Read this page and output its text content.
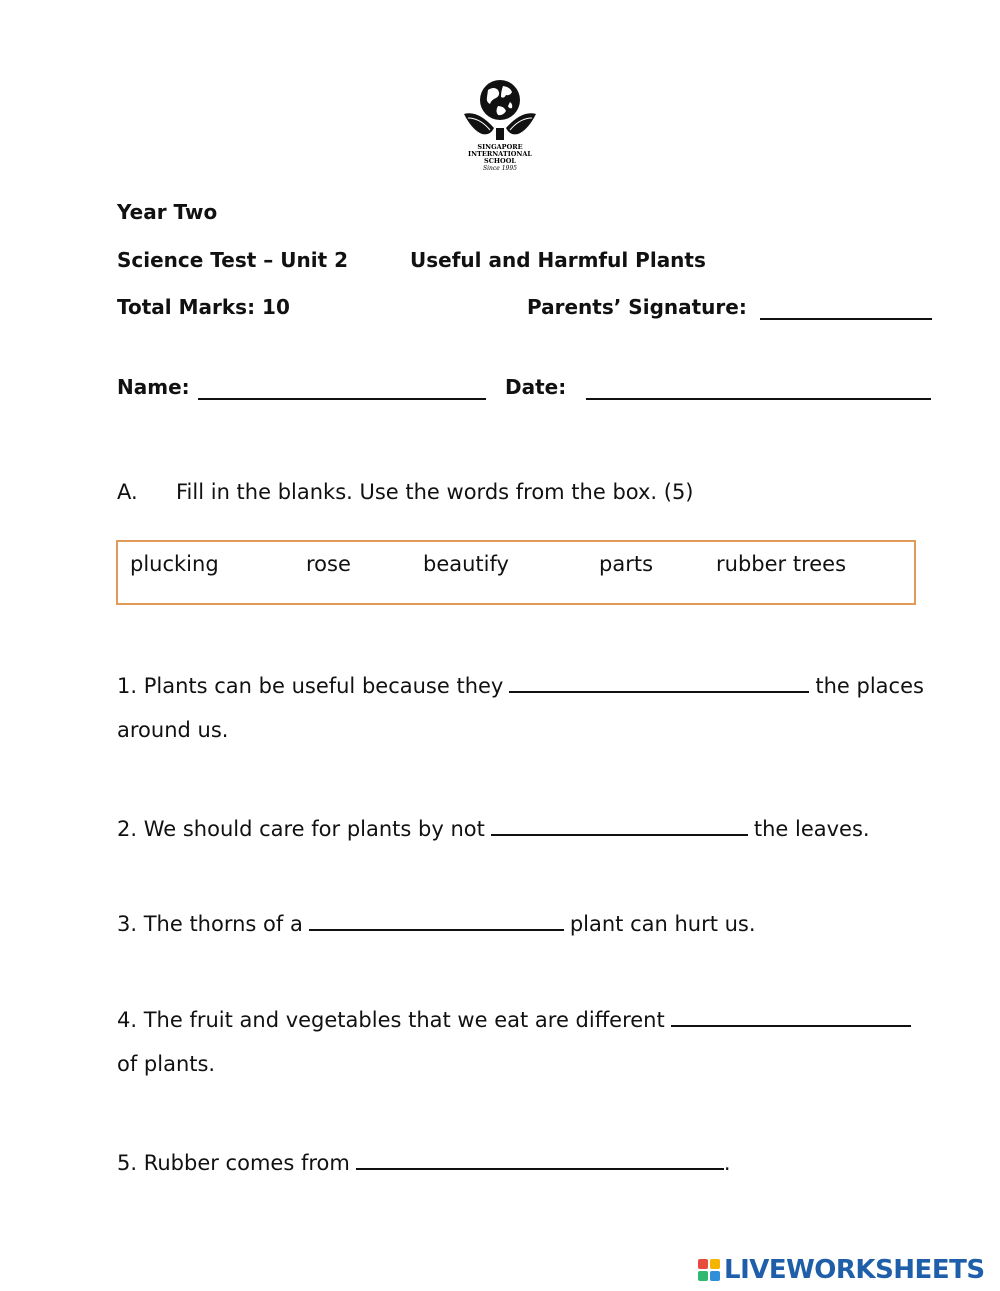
SINGAPORE
INTERNATIONAL
SCHOOL
Since 1995
Year Two
Science Test – Unit 2	Useful and Harmful Plants
Total Marks: 10	Parents’ Signature:
Name:	Date:
A. Fill in the blanks. Use the words from the box. (5)
plucking	rose	beautify	parts	rubber trees
1. Plants can be useful because they	the places
around us.
2. We should care for plants by not	the leaves.
3. The thorns of a	plant can hurt us.
4. The fruit and vegetables that we eat are different
of plants.
5. Rubber comes from	.
LIVEWORKSHEETS
